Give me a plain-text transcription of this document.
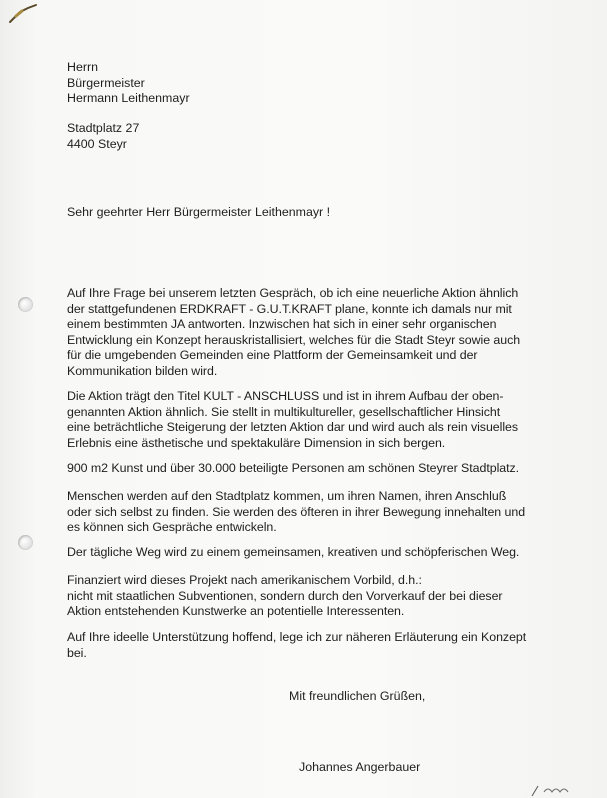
Herrn
Bürgermeister
Hermann Leithenmayr
Stadtplatz 27
4400 Steyr
Sehr geehrter Herr Bürgermeister Leithenmayr !
Auf Ihre Frage bei unserem letzten Gespräch, ob ich eine neuerliche Aktion ähnlich
der stattgefundenen ERDKRAFT - G.U.T.KRAFT plane, konnte ich damals nur mit
einem bestimmten JA antworten. Inzwischen hat sich in einer sehr organischen
Entwicklung ein Konzept herauskristallisiert, welches für die Stadt Steyr sowie auch
für die umgebenden Gemeinden eine Plattform der Gemeinsamkeit und der
Kommunikation bilden wird.
Die Aktion trägt den Titel KULT - ANSCHLUSS und ist in ihrem Aufbau der oben-
genannten Aktion ähnlich. Sie stellt in multikultureller, gesellschaftlicher Hinsicht
eine beträchtliche Steigerung der letzten Aktion dar und wird auch als rein visuelles
Erlebnis eine ästhetische und spektakuläre Dimension in sich bergen.
900 m2 Kunst und über 30.000 beteiligte Personen am schönen Steyrer Stadtplatz.
Menschen werden auf den Stadtplatz kommen, um ihren Namen, ihren Anschluß
oder sich selbst zu finden. Sie werden des öfteren in ihrer Bewegung innehalten und
es können sich Gespräche entwickeln.
Der tägliche Weg wird zu einem gemeinsamen, kreativen und schöpferischen Weg.
Finanziert wird dieses Projekt nach amerikanischem Vorbild, d.h.:
nicht mit staatlichen Subventionen, sondern durch den Vorverkauf der bei dieser
Aktion entstehenden Kunstwerke an potentielle Interessenten.
Auf Ihre ideelle Unterstützung hoffend, lege ich zur näheren Erläuterung ein Konzept
bei.
Mit freundlichen Grüßen,
Johannes Angerbauer
